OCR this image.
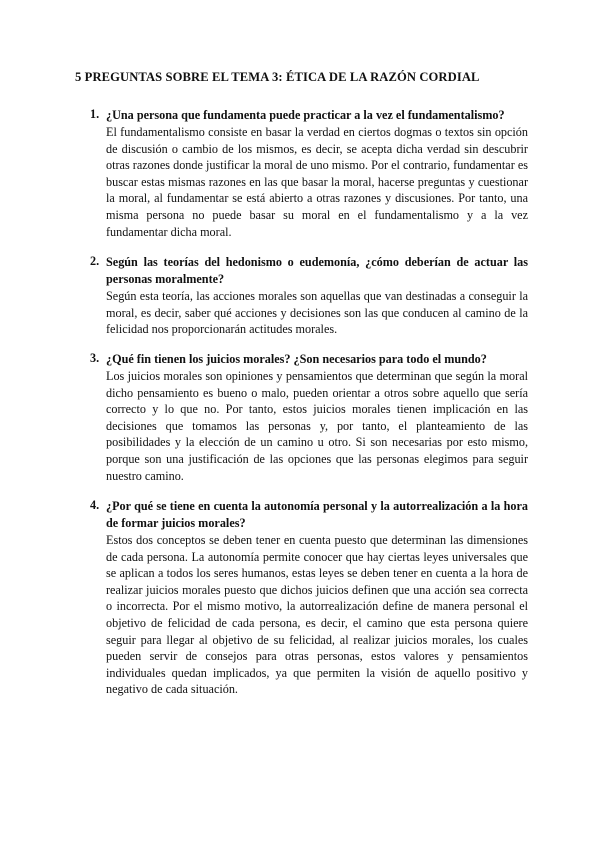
5 PREGUNTAS SOBRE EL TEMA 3: ÉTICA DE LA RAZÓN CORDIAL
1. ¿Una persona que fundamenta puede practicar a la vez el fundamentalismo?

El fundamentalismo consiste en basar la verdad en ciertos dogmas o textos sin opción de discusión o cambio de los mismos, es decir, se acepta dicha verdad sin descubrir otras razones donde justificar la moral de uno mismo. Por el contrario, fundamentar es buscar estas mismas razones en las que basar la moral, hacerse preguntas y cuestionar la moral, al fundamentar se está abierto a otras razones y discusiones. Por tanto, una misma persona no puede basar su moral en el fundamentalismo y a la vez fundamentar dicha moral.

2. Según las teorías del hedonismo o eudemonía, ¿cómo deberían de actuar las personas moralmente?

Según esta teoría, las acciones morales son aquellas que van destinadas a conseguir la moral, es decir, saber qué acciones y decisiones son las que conducen al camino de la felicidad nos proporcionarán actitudes morales.

3. ¿Qué fin tienen los juicios morales? ¿Son necesarios para todo el mundo?

Los juicios morales son opiniones y pensamientos que determinan que según la moral dicho pensamiento es bueno o malo, pueden orientar a otros sobre aquello que sería correcto y lo que no. Por tanto, estos juicios morales tienen implicación en las decisiones que tomamos las personas y, por tanto, el planteamiento de las posibilidades y la elección de un camino u otro. Si son necesarias por esto mismo, porque son una justificación de las opciones que las personas elegimos para seguir nuestro camino.

4. ¿Por qué se tiene en cuenta la autonomía personal y la autorrealización a la hora de formar juicios morales?

Estos dos conceptos se deben tener en cuenta puesto que determinan las dimensiones de cada persona. La autonomía permite conocer que hay ciertas leyes universales que se aplican a todos los seres humanos, estas leyes se deben tener en cuenta a la hora de realizar juicios morales puesto que dichos juicios definen que una acción sea correcta o incorrecta. Por el mismo motivo, la autorrealización define de manera personal el objetivo de felicidad de cada persona, es decir, el camino que esta persona quiere seguir para llegar al objetivo de su felicidad, al realizar juicios morales, los cuales pueden servir de consejos para otras personas, estos valores y pensamientos individuales quedan implicados, ya que permiten la visión de aquello positivo y negativo de cada situación.
